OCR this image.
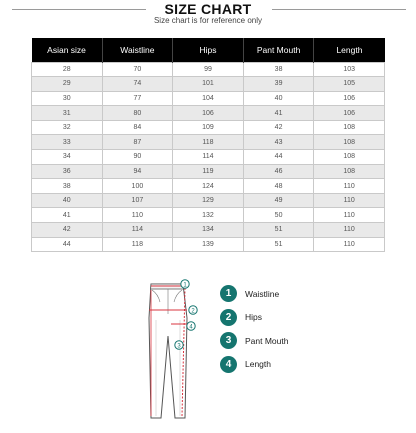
SIZE CHART
Size chart is for reference only
Asian size	Waistline	Hips	Pant Mouth	Length
28	70	99	38	103
29	74	101	39	105
30	77	104	40	106
31	80	106	41	106
32	84	109	42	108
33	87	118	43	108
34	90	114	44	108
36	94	119	46	108
38	100	124	48	110
40	107	129	49	110
41	110	132	50	110
42	114	134	51	110
44	118	139	51	110
1
2
4
3
1	Waistline
2	Hips
3	Pant Mouth
4	Length
